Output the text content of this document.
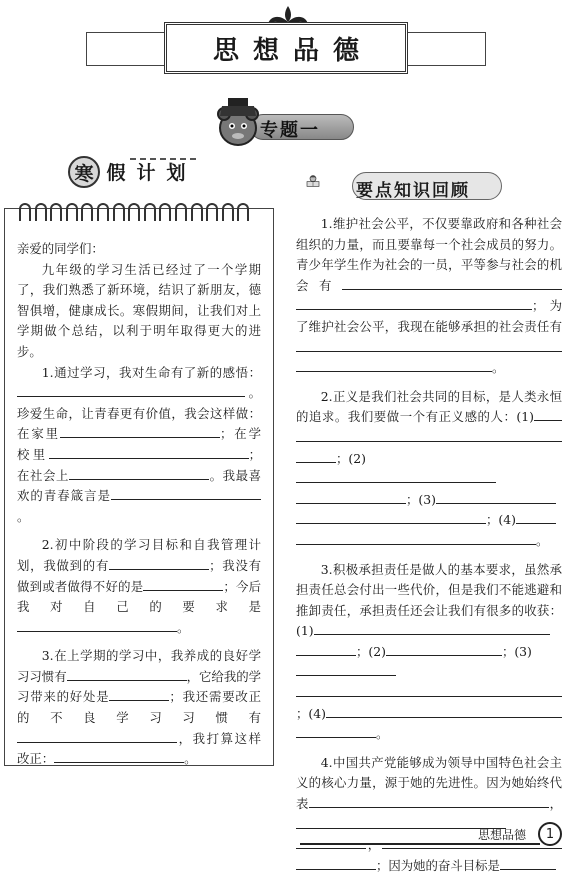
思想品德
专题一
寒 假 计 划

亲爱的同学们：

九年级的学习生活已经过了一个学期了，我们熟悉了新环境，结识了新朋友，德智俱增，健康成长。寒假期间，让我们对上学期做个总结，以利于明年取得更大的进步。

1.通过学习，我对生命有了新的感悟：。珍爱生命，让青春更有价值，我会这样做：在家里	；在学校里	；在社会上	。我最喜欢的青春箴言是。

2.初中阶段的学习目标和自我管理计划，我做到的有	；我没有做到或者做得不好的是	；今后我对自己的要求是。

3.在上学期的学习中，我养成的良好学习习惯有	，它给我的学习带来的好处是	；我还需要改正的不良学习习惯有，我打算这样改正：	。

要点知识回顾

1.维护社会公平，不仅要靠政府和各种社会组织的力量，而且要靠每一个社会成员的努力。青少年学生作为社会的一员，平等参与社会的机会有；为了维护社会公平，我现在能够承担的社会责任有。

2.正义是我们社会共同的目标，是人类永恒的追求。我们要做一个有正义感的人：(1)；(2)；(3)；(4)。

3.积极承担责任是做人的基本要求，虽然承担责任总会付出一些代价，但是我们不能逃避和推卸责任，承担责任还会让我们有很多的收获：(1)；(2)	；(3)；(4)。

4.中国共产党能够成为领导中国特色社会主义的核心力量，源于她的先进性。因为她始终代表	，，；因为她的奋斗目标是

思想品德	1
